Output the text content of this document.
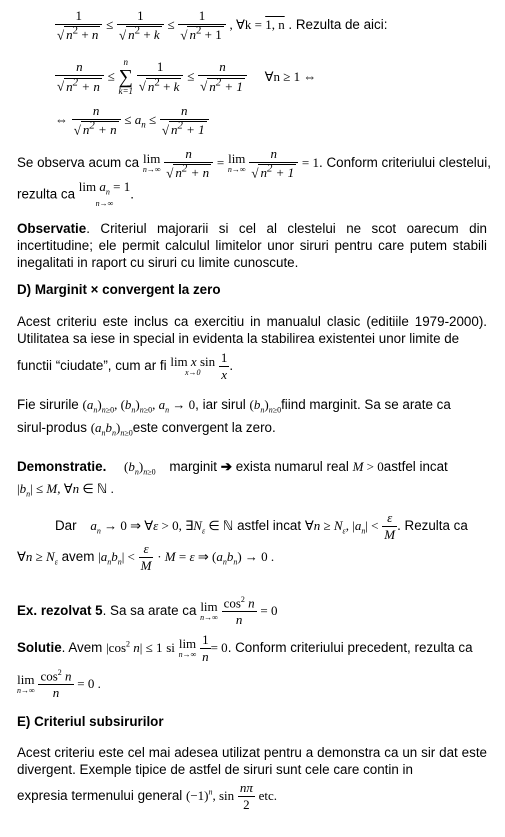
$\frac{1}{√ n^2 + n} \le \frac{1}{√ n^2 + k} \le \frac{1}{√ n^2 + 1}$ , ∀k = 1, n . Rezulta de aici:
$\frac{n}{√ n^2 + n}$ ≤
n
∑
k=1
$\frac{1}{√ n^2 + k} \le \frac{n}{√ n^2 + 1}$ ∀n ≥ 1 ⇔
⇔ $\frac{n}{√ n^2 + n} \le a_n \le \frac{n}{√ n^2 + 1}$
Se observa acum ca lim
n→∞
$\frac{n}{√ n^2 + n} = \lim$
n→∞
$\frac{n}{√ n^2 + 1} = 1$. Conform criteriului clestelui,
rezulta ca $\lim a_n = 1$
n→∞
.
Observatie. Criteriul majorarii si cel al clestelui ne scot oarecum din incertitudine; ele permit calculul limitelor unor siruri pentru care putem stabili inegalitati in raport cu siruri cu limite cunoscute.
D) Marginit × convergent la zero
Acest criteriu este inclus ca exercitiu in manualul clasic (editiile 1979-2000). Utilitatea sa iese in special in evidenta la stabilirea existentei unor limite de
functii “ciudate”, cum ar fi lim x sin
x→0
	$\frac{1}{x}$ .
Fie sirurile $(a_n)_{n\ge 0}$, $(b_n)_{n\ge 0}$, $a_n \to 0$, iar sirul $(b_n)_{n\ge 0}fiind$ marginit. Sa se arate ca
sirul-produs $(a_nb_n)_{n\ge 0}este$ convergent la zero.
Demonstratie. $(b_n)_{n\ge 0}$ marginit ➔ exista numarul real M > 0astfel incat
$|b_n| \le M$, ∀n ∈ ℕ .
Dar $a_n \to 0$ ⇒ ∀ε > 0, $\exists N_\varepsilon$ ∈ ℕ astfel incat ∀n ≥ $N_\varepsilon$, $|a_n| < \frac{\varepsilon}{M}$ . Rezulta ca
∀n ≥ $N_\varepsilon$ avem $|a_nb_n| < \frac{\varepsilon}{M} \cdot M = \varepsilon$ ⇒ $(a_nb_n) \to 0$ .
Ex. rezolvat 5. Sa sa arate ca lim
n→∞
$\frac{\cos^2 n}{n} = 0$
Solutie. Avem $|\cos^2$ n| ≤ 1 si lim
n→∞
$\frac{1}{n} = 0$. Conform criteriului precedent, rezulta ca
lim
n→∞
$\frac{\cos^2 n}{n} = 0$ .
E) Criteriul subsirurilor
Acest criteriu este cel mai adesea utilizat pentru a demonstra ca un sir dat este divergent. Exemple tipice de astfel de siruri sunt cele care contin in
expresia termenului general $(-1)^n$, $\sin \frac{n\pi}{2}$ etc.
